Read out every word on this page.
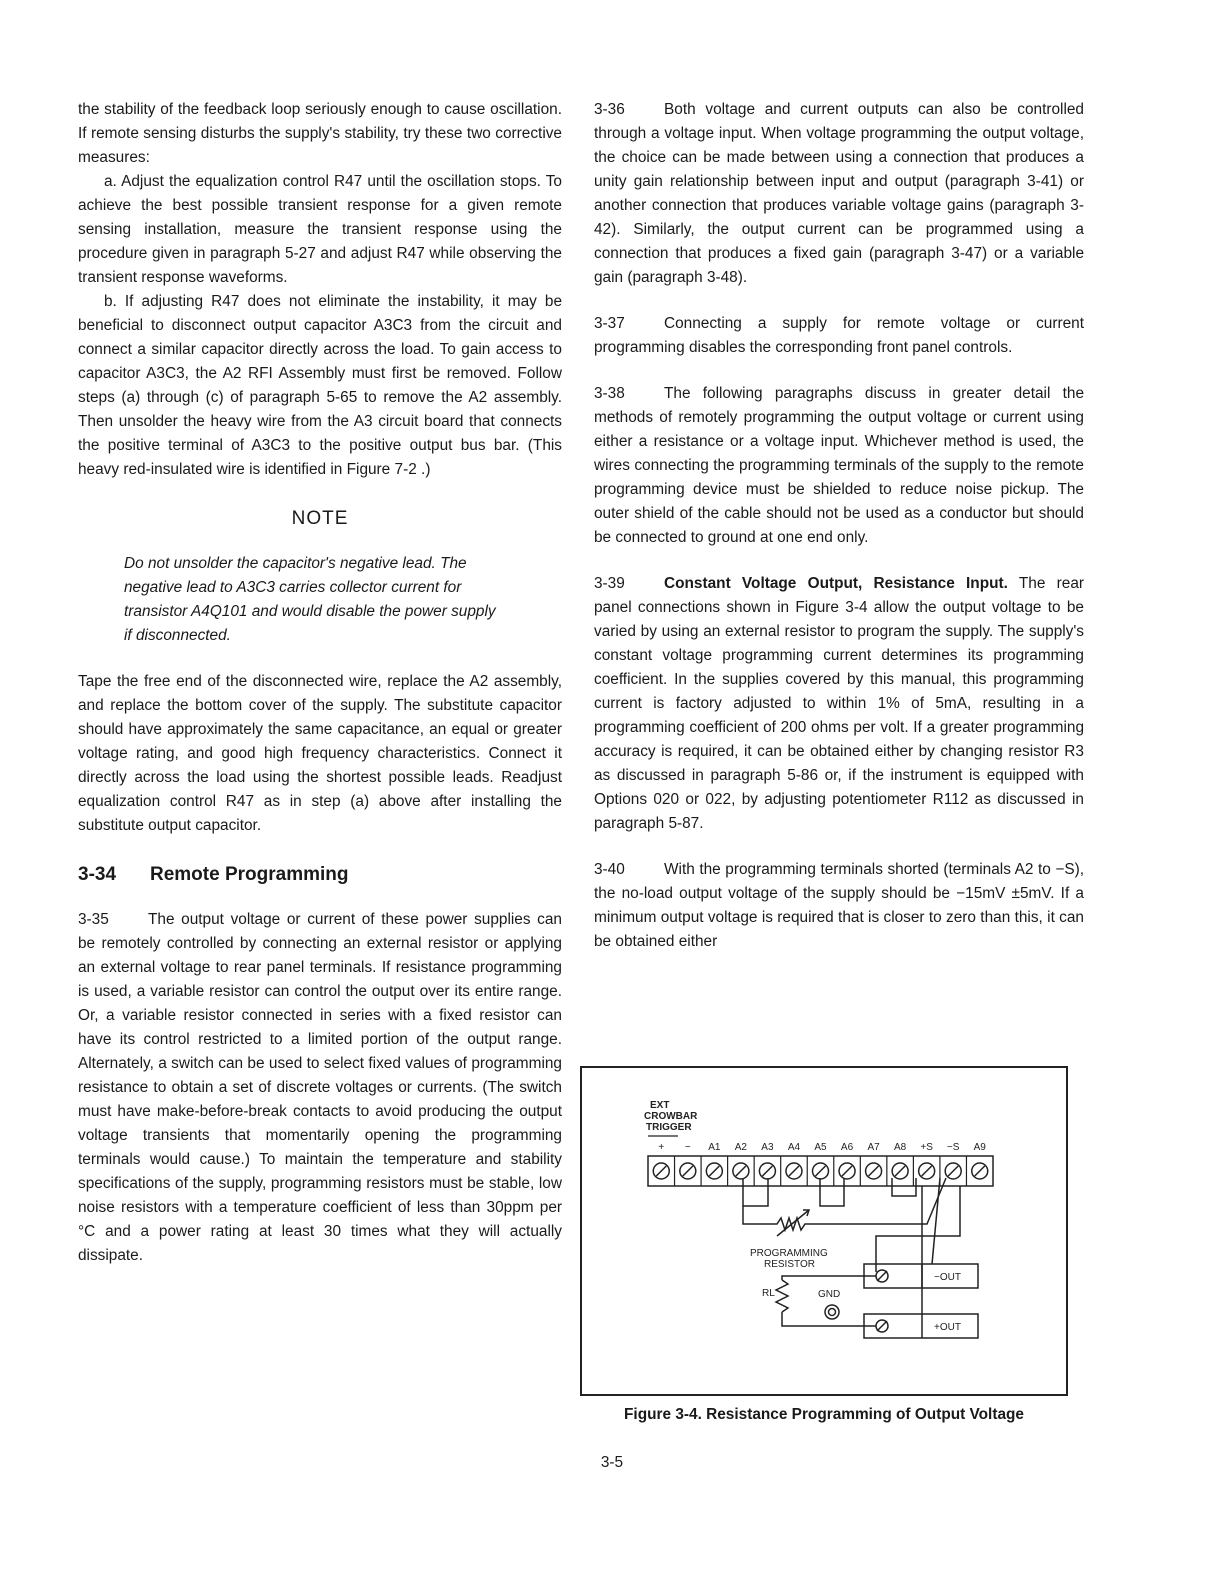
the stability of the feedback loop seriously enough to cause oscillation. If remote sensing disturbs the supply's stability, try these two corrective measures:

a. Adjust the equalization control R47 until the oscillation stops. To achieve the best possible transient response for a given remote sensing installation, measure the transient response using the procedure given in paragraph 5-27 and adjust R47 while observing the transient response waveforms.

b. If adjusting R47 does not eliminate the instability, it may be beneficial to disconnect output capacitor A3C3 from the circuit and connect a similar capacitor directly across the load. To gain access to capacitor A3C3, the A2 RFI Assembly must first be removed. Follow steps (a) through (c) of paragraph 5-65 to remove the A2 assembly. Then unsolder the heavy wire from the A3 circuit board that connects the positive terminal of A3C3 to the positive output bus bar. (This heavy red-insulated wire is identified in Figure 7-2 .)

NOTE

Do not unsolder the capacitor's negative lead. The negative lead to A3C3 carries collector current for transistor A4Q101 and would disable the power supply if disconnected.

Tape the free end of the disconnected wire, replace the A2 assembly, and replace the bottom cover of the supply. The substitute capacitor should have approximately the same capacitance, an equal or greater voltage rating, and good high frequency characteristics. Connect it directly across the load using the shortest possible leads. Readjust equalization control R47 as in step (a) above after installing the substitute output capacitor.

3-34 Remote Programming

3-35	The output voltage or current of these power supplies can be remotely controlled by connecting an external resistor or applying an external voltage to rear panel terminals. If resistance programming is used, a variable resistor can control the output over its entire range. Or, a variable resistor connected in series with a fixed resistor can have its control restricted to a limited portion of the output range. Alternately, a switch can be used to select fixed values of programming resistance to obtain a set of discrete voltages or currents. (The switch must have make-before-break contacts to avoid producing the output voltage transients that momentarily opening the programming terminals would cause.) To maintain the temperature and stability specifications of the supply, programming resistors must be stable, low noise resistors with a temperature coefficient of less than 30ppm per °C and a power rating at least 30 times what they will actually dissipate.

3-36	Both voltage and current outputs can also be controlled through a voltage input. When voltage programming the output voltage, the choice can be made between using a connection that produces a unity gain relationship between input and output (paragraph 3-41) or another connection that produces variable voltage gains (paragraph 3-42). Similarly, the output current can be programmed using a connection that produces a fixed gain (paragraph 3-47) or a variable gain (paragraph 3-48).

3-37	Connecting a supply for remote voltage or current programming disables the corresponding front panel controls.

3-38	The following paragraphs discuss in greater detail the methods of remotely programming the output voltage or current using either a resistance or a voltage input. Whichever method is used, the wires connecting the programming terminals of the supply to the remote programming device must be shielded to reduce noise pickup. The outer shield of the cable should not be used as a conductor but should be connected to ground at one end only.

3-39	Constant Voltage Output, Resistance Input. The rear panel connections shown in Figure 3-4 allow the output voltage to be varied by using an external resistor to program the supply. The supply's constant voltage programming current determines its programming coefficient. In the supplies covered by this manual, this programming current is factory adjusted to within 1% of 5mA, resulting in a programming coefficient of 200 ohms per volt. If a greater programming accuracy is required, it can be obtained either by changing resistor R3 as discussed in paragraph 5-86 or, if the instrument is equipped with Options 020 or 022, by adjusting potentiometer R112 as discussed in paragraph 5-87.

3-40	With the programming terminals shorted (terminals A2 to −S), the no-load output voltage of the supply should be −15mV ±5mV. If a minimum output voltage is required that is closer to zero than this, it can be obtained either

EXT
CROWBAR
TRIGGER
+ − A1 A2 A3 A4 A5 A6 A7 A8 +S −S A9
PROGRAMMING
RESISTOR
GND
RL
−OUT
+OUT
Figure 3-4. Resistance Programming of Output Voltage
3-5
